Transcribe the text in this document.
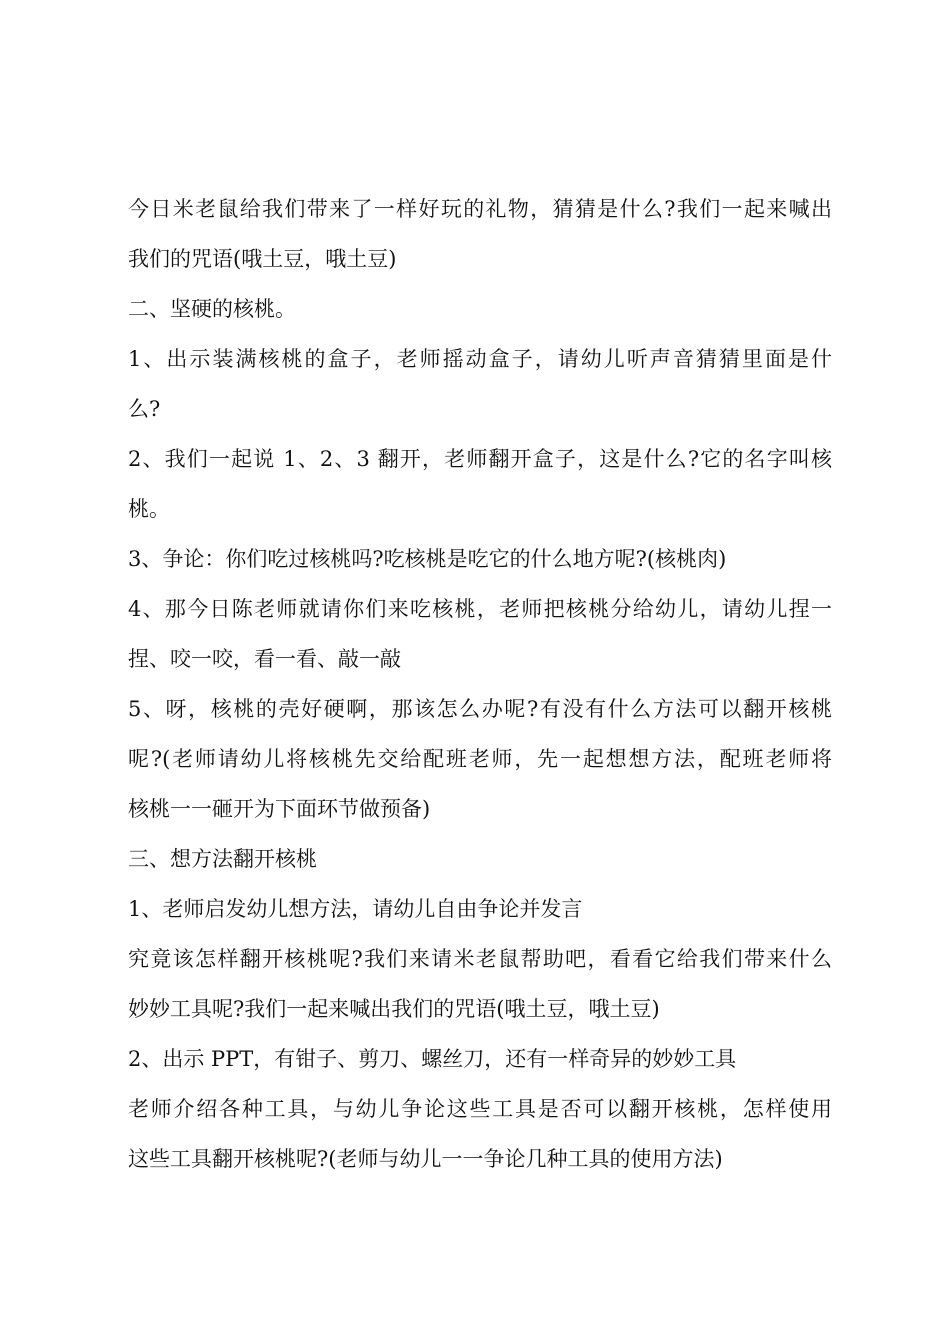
今日米老鼠给我们带来了一样好玩的礼物，猜猜是什么?我们一起来喊出
我们的咒语(哦土豆，哦土豆)
二、坚硬的核桃。
1、出示装满核桃的盒子，老师摇动盒子，请幼儿听声音猜猜里面是什
么?
2、我们一起说 1、2、3 翻开，老师翻开盒子，这是什么?它的名字叫核
桃。
3、争论：你们吃过核桃吗?吃核桃是吃它的什么地方呢?(核桃肉)
4、那今日陈老师就请你们来吃核桃，老师把核桃分给幼儿，请幼儿捏一
捏、咬一咬，看一看、敲一敲
5、呀，核桃的壳好硬啊，那该怎么办呢?有没有什么方法可以翻开核桃
呢?(老师请幼儿将核桃先交给配班老师，先一起想想方法，配班老师将
核桃一一砸开为下面环节做预备)
三、想方法翻开核桃
1、老师启发幼儿想方法，请幼儿自由争论并发言
究竟该怎样翻开核桃呢?我们来请米老鼠帮助吧，看看它给我们带来什么
妙妙工具呢?我们一起来喊出我们的咒语(哦土豆，哦土豆)
2、出示 PPT，有钳子、剪刀、螺丝刀，还有一样奇异的妙妙工具
老师介绍各种工具，与幼儿争论这些工具是否可以翻开核桃，怎样使用
这些工具翻开核桃呢?(老师与幼儿一一争论几种工具的使用方法)
